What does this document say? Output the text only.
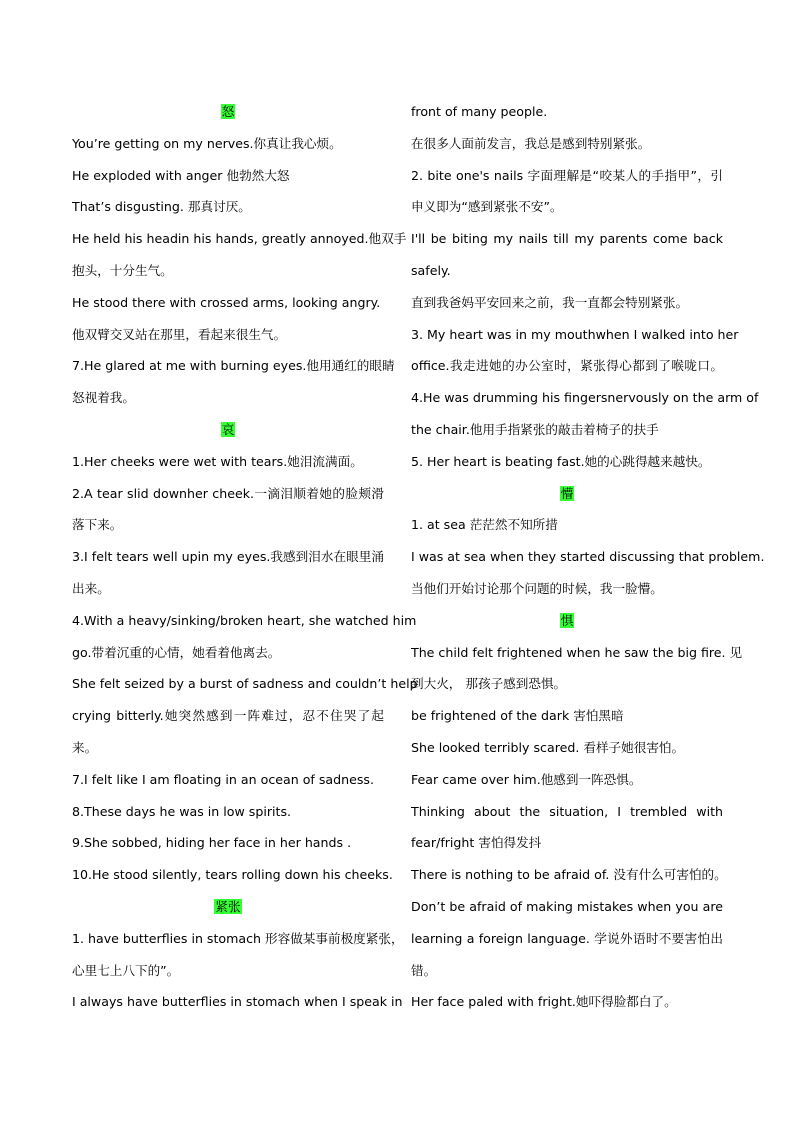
怒
You’re getting on my nerves.你真让我心烦。
He exploded with anger 他勃然大怒
That’s disgusting. 那真讨厌。
He held his headin his hands, greatly annoyed.他双手
抱头，十分生气。
He stood there with crossed arms, looking angry.
他双臂交叉站在那里，看起来很生气。
7.He glared at me with burning eyes.他用通红的眼睛
怒视着我。
哀
1.Her cheeks were wet with tears.她泪流满面。
2.A tear slid downher cheek.一滴泪顺着她的脸颊滑
落下来。
3.I felt tears well upin my eyes.我感到泪水在眼里涌
出来。
4.With a heavy/sinking/broken heart, she watched him
go.带着沉重的心情，她看着他离去。
She felt seized by a burst of sadness and couldn’t help
crying bitterly.她突然感到一阵难过，忍不住哭了起
来。
7.I felt like I am floating in an ocean of sadness.
8.These days he was in low spirits.
9.She sobbed, hiding her face in her hands .
10.He stood silently, tears rolling down his cheeks.
紧张
1. have butterflies in stomach 形容做某事前极度紧张，
心里七上八下的”。
I always have butterflies in stomach when I speak in
front of many people.
在很多人面前发言，我总是感到特别紧张。
2. bite one's nails 字面理解是“咬某人的手指甲”，引
申义即为“感到紧张不安”。
I'll be biting my nails till my parents come back
safely.
直到我爸妈平安回来之前，我一直都会特别紧张。
3. My heart was in my mouthwhen I walked into her
office.我走进她的办公室时，紧张得心都到了喉咙口。
4.He was drumming his fingersnervously on the arm of
the chair.他用手指紧张的敲击着椅子的扶手
5. Her heart is beating fast.她的心跳得越来越快。
懵
1. at sea 茫茫然不知所措
I was at sea when they started discussing that problem.
当他们开始讨论那个问题的时候，我一脸懵。
惧
The child felt frightened when he saw the big fire. 见
到大火， 那孩子感到恐惧。
be frightened of the dark 害怕黑暗
She looked terribly scared. 看样子她很害怕。
Fear came over him.他感到一阵恐惧。
Thinking about the situation, I trembled with
fear/fright 害怕得发抖
There is nothing to be afraid of. 没有什么可害怕的。
Don’t be afraid of making mistakes when you are
learning a foreign language. 学说外语时不要害怕出
错。
Her face paled with fright.她吓得脸都白了。
